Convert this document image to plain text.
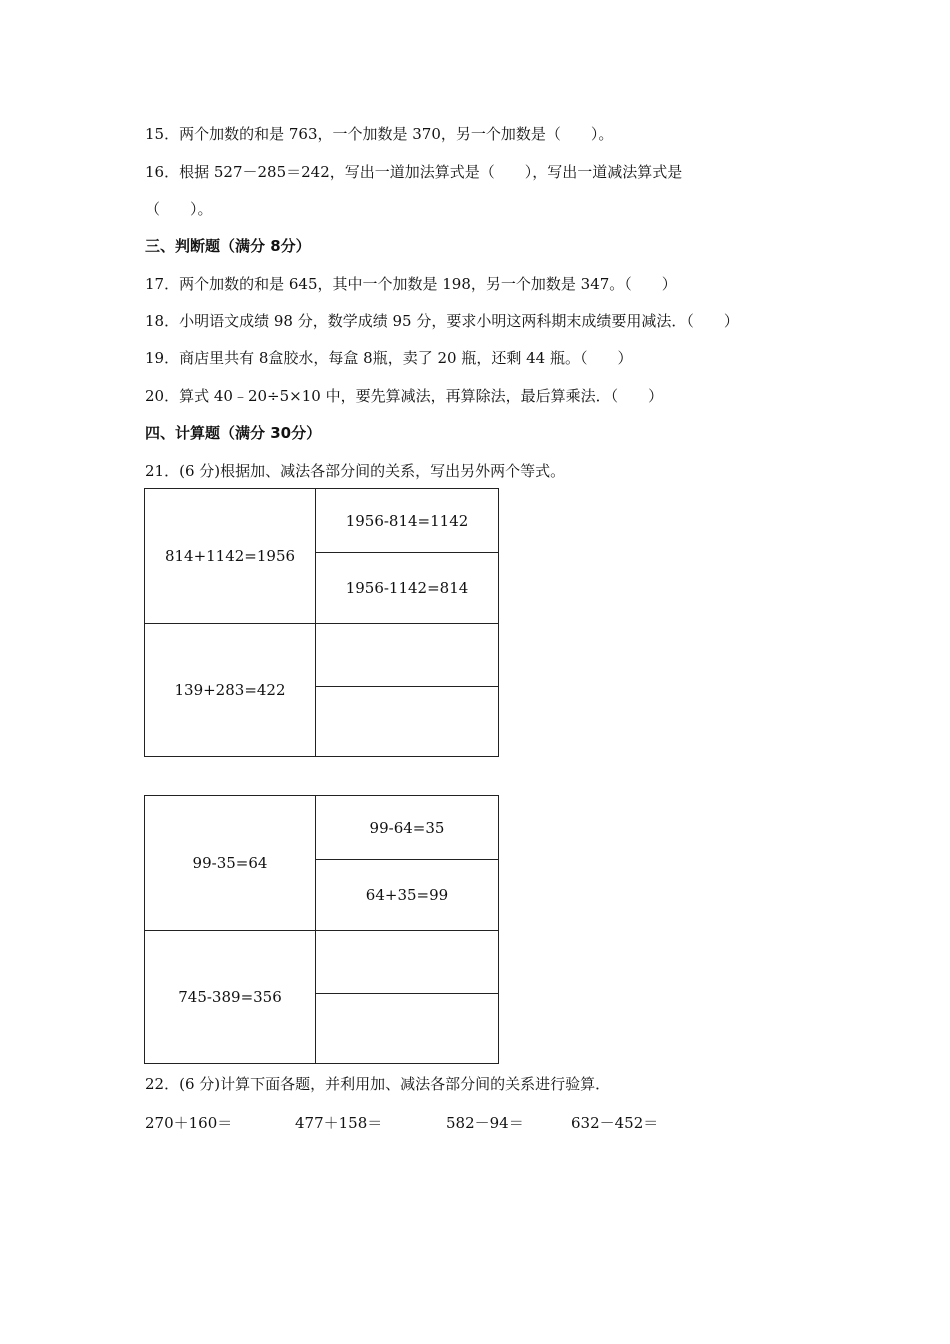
15．两个加数的和是 763，一个加数是 370，另一个加数是（　　）。
16．根据 527－285＝242，写出一道加法算式是（　　），写出一道减法算式是
（　　）。
三、判断题（满分 8分）
17．两个加数的和是 645，其中一个加数是 198，另一个加数是 347。（　　）
18．小明语文成绩 98 分，数学成绩 95 分，要求小明这两科期末成绩要用减法．（　　）
19．商店里共有 8盒胶水，每盒 8瓶，卖了 20 瓶，还剩 44 瓶。（　　）
20．算式 40﹣20÷5×10 中，要先算减法，再算除法，最后算乘法．（　　）
四、计算题（满分 30分）
21．(6 分)根据加、减法各部分间的关系，写出另外两个等式。
814+1142=1956	1956-814=1142
	1956-1142=814
139+283=422	

99-35=64	99-64=35
	64+35=99
745-389=356	

22．(6 分)计算下面各题，并利用加、减法各部分间的关系进行验算．
270＋160＝	477＋158＝	582－94＝	632－452＝
